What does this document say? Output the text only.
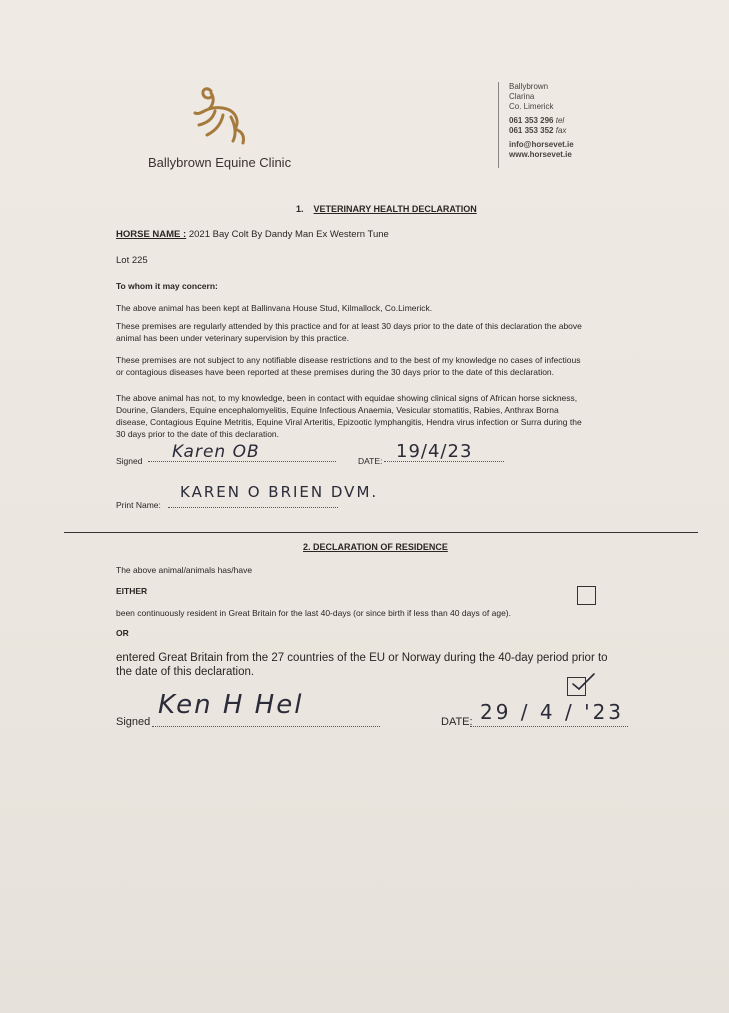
Ballybrown Equine Clinic
Ballybrown
Clarina
Co. Limerick
061 353 296 tel
061 353 352 fax
info@horsevet.ie
www.horsevet.ie
1. VETERINARY HEALTH DECLARATION
HORSE NAME : 2021 Bay Colt By Dandy Man Ex Western Tune
Lot 225
To whom it may concern:
The above animal has been kept at Ballinvana House Stud, Kilmallock, Co.Limerick.
These premises are regularly attended by this practice and for at least 30 days prior to the date of this declaration the above
animal has been under veterinary supervision by this practice.
These premises are not subject to any notifiable disease restrictions and to the best of my knowledge no cases of infectious
or contagious diseases have been reported at these premises during the 30 days prior to the date of this declaration.
The above animal has not, to my knowledge, been in contact with equidae showing clinical signs of African horse sickness,
Dourine, Glanders, Equine encephalomyelitis, Equine Infectious Anaemia, Vesicular stomatitis, Rabies, Anthrax Borna
disease, Contagious Equine Metritis, Equine Viral Arteritis, Epizootic lymphangitis, Hendra virus infection or Surra during the
30 days prior to the date of this declaration.
Signed Karen OB	DATE: 19/4/23
Print Name:
KAREN O BRIEN DVM.
2. DECLARATION OF RESIDENCE
The above animal/animals has/have
EITHER
been continuously resident in Great Britain for the last 40-days (or since birth if less than 40 days of age).
OR
entered Great Britain from the 27 countries of the EU or Norway during the 40-day period prior to
the date of this declaration.
Signed
Ken H Hel
DATE: 29 / 4 / '23
